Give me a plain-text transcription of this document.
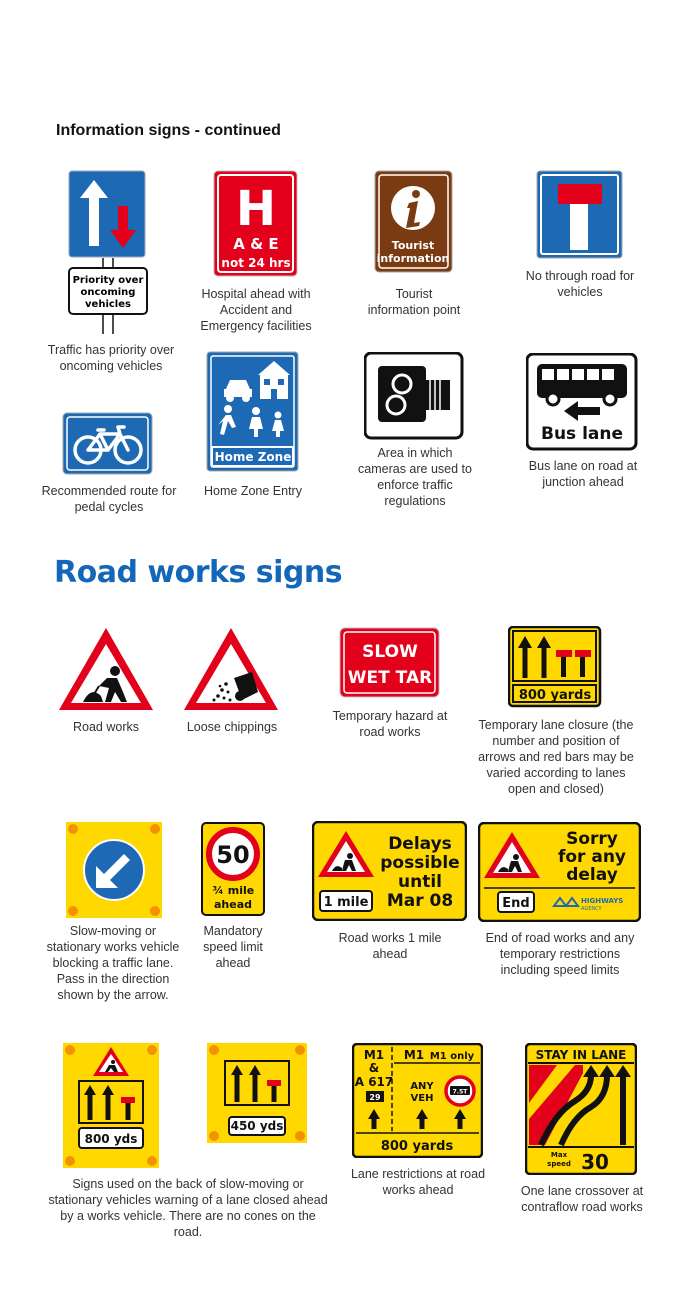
Information signs - continued
Priority over
oncoming
vehicles
Traffic has priority over oncoming vehicles
H
A & E
not 24 hrs
Hospital ahead with Accident and Emergency facilities
Tourist
information
Tourist information point
No through road for vehicles
Recommended route for pedal cycles
Home Zone
Home Zone Entry
Area in which cameras are used to enforce traffic regulations
Bus lane
Bus lane on road at junction ahead
Road works signs
Road works	Loose chippings
SLOW
WET TAR
Temporary hazard at road works
800 yards
Temporary lane closure (the number and position of arrows and red bars may be varied according to lanes open and closed)
Slow-moving or stationary works vehicle blocking a traffic lane. Pass in the direction shown by the arrow.
50
¾ mile
ahead
Mandatory speed limit ahead
1 mile
Delays
possible
until
Mar 08
Road works 1 mile ahead
Sorry
for any
delay
End	HIGHWAYS
AGENCY
End of road works and any temporary restrictions including speed limits
800 yds
450 yds
Signs used on the back of slow-moving or stationary vehicles warning of a lane closed ahead by a works vehicle. There are no cones on the road.
M1
&
A 617
29
M1 M1 only
ANY
VEH
7.5T
800 yards
Lane restrictions at road works ahead
STAY IN LANE
Max
speed 30
One lane crossover at contraflow road works
